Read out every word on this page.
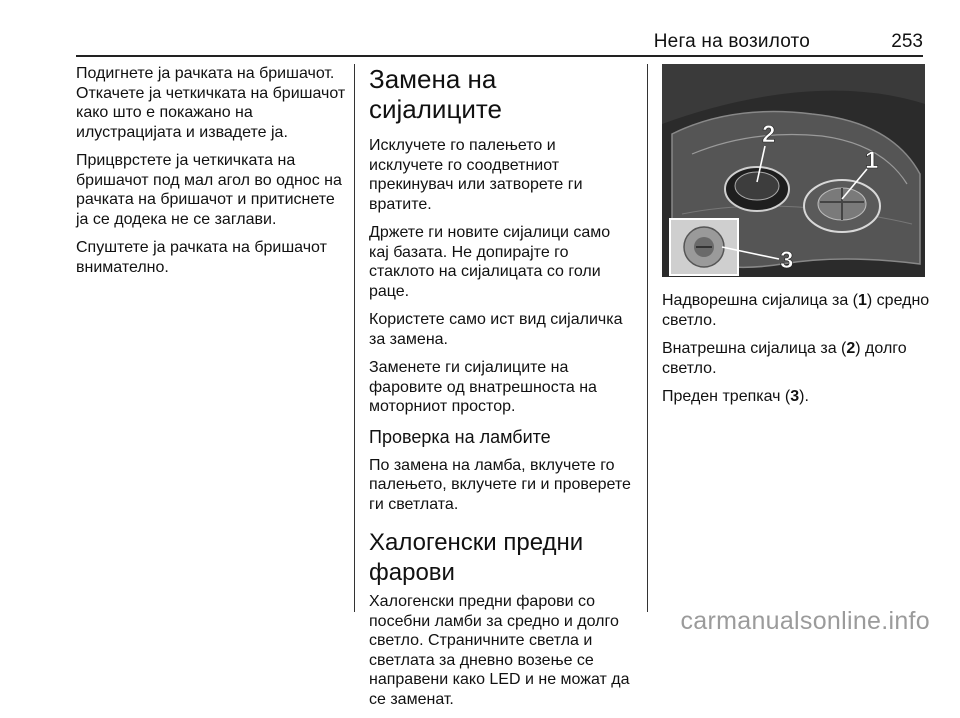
Нега на возилото	253

Подигнете ја рачката на бришачот. Откачете ја четкичката на бришачот како што е покажано на илустрацијата и извадете ја.

Прицврстете ја четкичката на бришачот под мал агол во однос на рачката на бришачот и притиснете ја се додека не се заглави.

Спуштете ја рачката на бришачот внимателно.

Замена на сијалиците

Исклучете го палењето и исклучете го соодветниот прекинувач или затворете ги вратите.

Држете ги новите сијалици само кај базата. Не допирајте го стаклото на сијалицата со голи раце.

Користете само ист вид сијаличка за замена.

Заменете ги сијалиците на фаровите од внатрешноста на моторниот простор.

Проверка на ламбите

По замена на ламба, вклучете го палењето, вклучете ги и проверете ги светлата.

Халогенски предни
фарови

Халогенски предни фарови со посебни ламби за средно и долго светло. Страничните светла и светлата за дневно возење се направени како LED и не можат да се заменат.

2
1
3

Надворешна сијалица за (1) средно светло.

Внатрешна сијалица за (2) долго светло.

Преден трепкач (3).

carmanualsonline.info
